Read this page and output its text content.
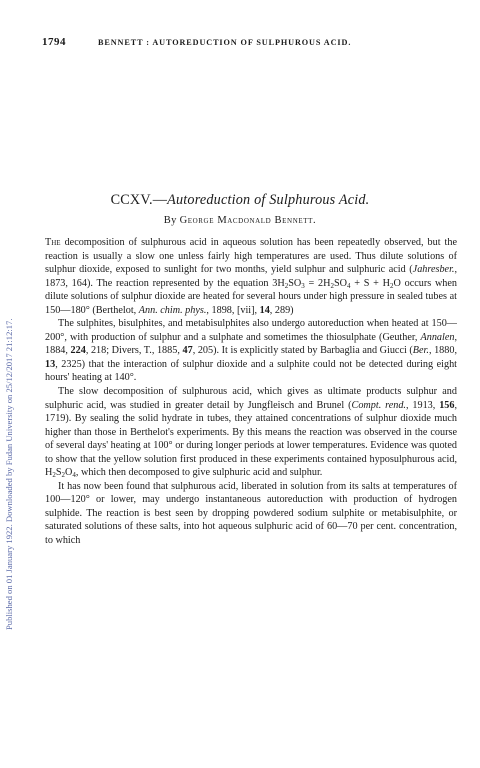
1794	BENNETT : AUTOREDUCTION OF SULPHUROUS ACID.
Published on 01 January 1922. Downloaded by Fudan University on 25/12/2017 21:12:17.
CCXV.—Autoreduction of Sulphurous Acid.
By George Macdonald Bennett.

The decomposition of sulphurous acid in aqueous solution has been repeatedly observed, but the reaction is usually a slow one unless fairly high temperatures are used. Thus dilute solutions of sulphur dioxide, exposed to sunlight for two months, yield sulphur and sulphuric acid (Jahresber., 1873, 164). The reaction represented by the equation $3H_2SO_3 = 2H_2SO_4 + S + H_2O$ occurs when dilute solutions of sulphur dioxide are heated for several hours under high pressure in sealed tubes at 150—180° (Berthelot, Ann. chim. phys., 1898, [vii], 14, 289)

The sulphites, bisulphites, and metabisulphites also undergo autoreduction when heated at 150—200°, with production of sulphur and a sulphate and sometimes the thiosulphate (Geuther, Annalen, 1884, 224, 218; Divers, T., 1885, 47, 205). It is explicitly stated by Barbaglia and Giucci (Ber., 1880, 13, 2325) that the interaction of sulphur dioxide and a sulphite could not be detected during eight hours' heating at 140°.

The slow decomposition of sulphurous acid, which gives as ultimate products sulphur and sulphuric acid, was studied in greater detail by Jungfleisch and Brunel (Compt. rend., 1913, 156, 1719). By sealing the solid hydrate in tubes, they attained concentrations of sulphur dioxide much higher than those in Berthelot's experiments. By this means the reaction was observed in the course of several days' heating at 100° or during longer periods at lower temperatures. Evidence was quoted to show that the yellow solution first produced in these experiments contained hyposulphurous acid, $H_2S_2O_4$, which then decomposed to give sulphuric acid and sulphur.

It has now been found that sulphurous acid, liberated in solution from its salts at temperatures of 100—120° or lower, may undergo instantaneous autoreduction with production of hydrogen sulphide. The reaction is best seen by dropping powdered sodium sulphite or metabisulphite, or saturated solutions of these salts, into hot aqueous sulphuric acid of 60—70 per cent. concentration, to which
